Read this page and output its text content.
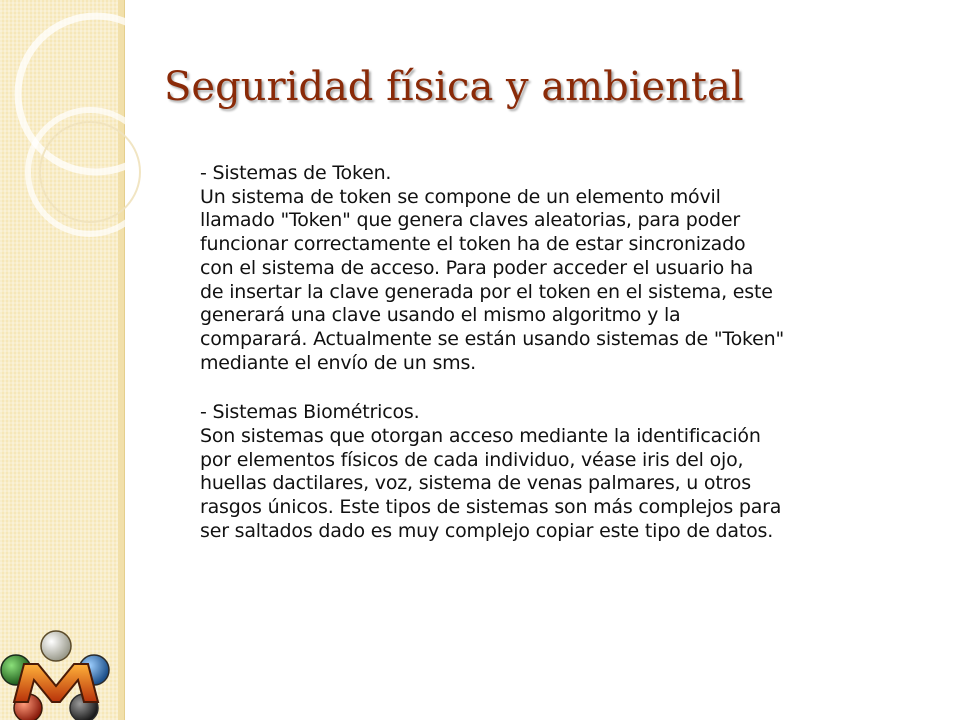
Seguridad física y ambiental
- Sistemas de Token.
Un sistema de token se compone de un elemento móvil
llamado "Token" que genera claves aleatorias, para poder
funcionar correctamente el token ha de estar sincronizado
con el sistema de acceso. Para poder acceder el usuario ha
de insertar la clave generada por el token en el sistema, este
generará una clave usando el mismo algoritmo y la
comparará. Actualmente se están usando sistemas de "Token"
mediante el envío de un sms.
- Sistemas Biométricos.
Son sistemas que otorgan acceso mediante la identificación
por elementos físicos de cada individuo, véase iris del ojo,
huellas dactilares, voz, sistema de venas palmares, u otros
rasgos únicos. Este tipos de sistemas son más complejos para
ser saltados dado es muy complejo copiar este tipo de datos.
